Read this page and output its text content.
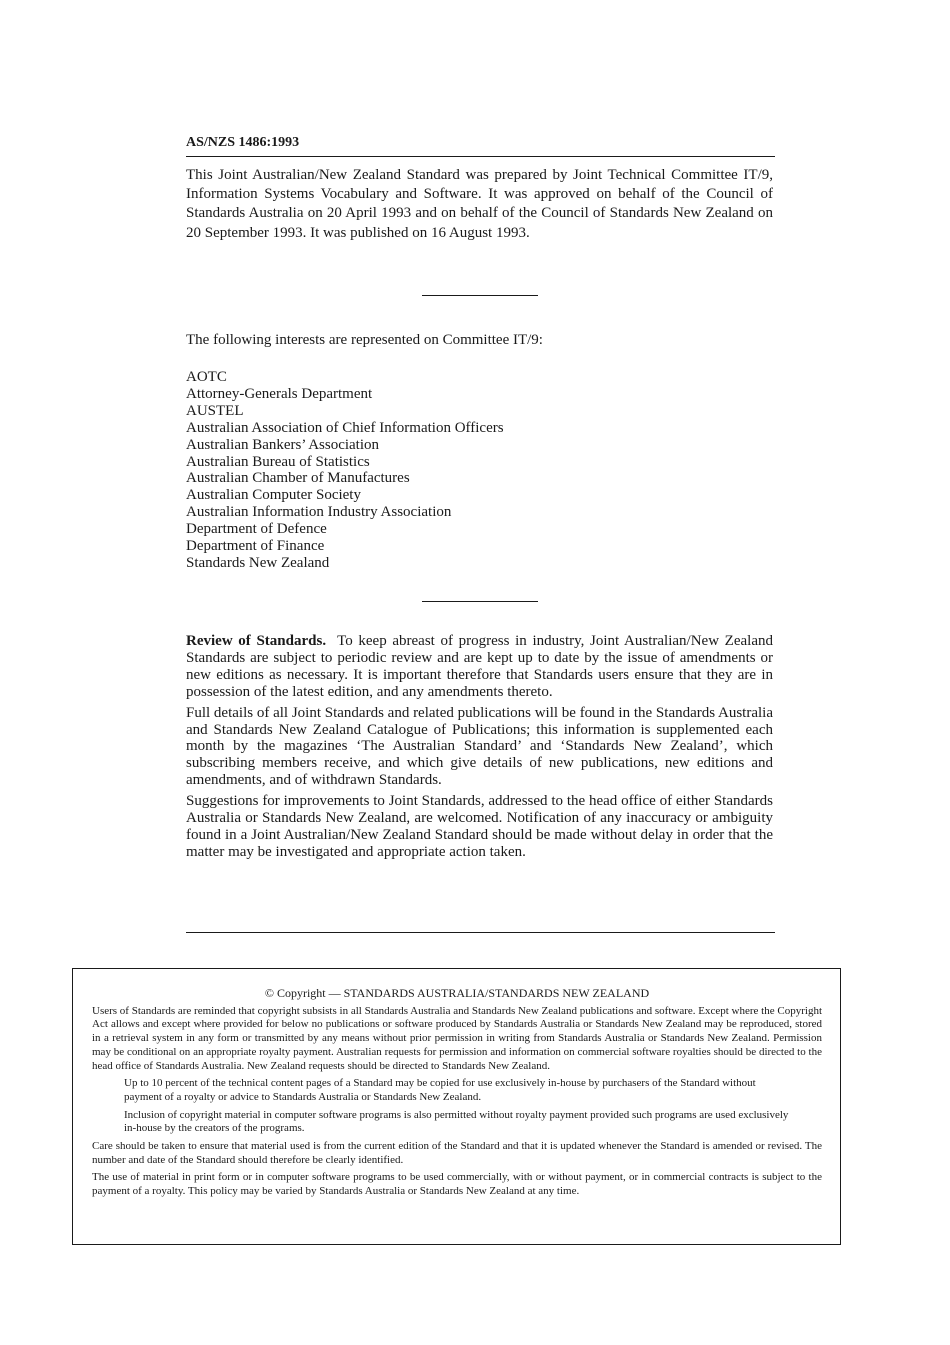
AS/NZS 1486:1993

This Joint Australian/New Zealand Standard was prepared by Joint Technical Committee IT/9, Information Systems Vocabulary and Software. It was approved on behalf of the Council of Standards Australia on 20 April 1993 and on behalf of the Council of Standards New Zealand on 20 September 1993. It was published on 16 August 1993.

The following interests are represented on Committee IT/9:

AOTC
Attorney-Generals Department
AUSTEL
Australian Association of Chief Information Officers
Australian Bankers’ Association
Australian Bureau of Statistics
Australian Chamber of Manufactures
Australian Computer Society
Australian Information Industry Association
Department of Defence
Department of Finance
Standards New Zealand

Review of Standards. To keep abreast of progress in industry, Joint Australian/New Zealand Standards are subject to periodic review and are kept up to date by the issue of amendments or new editions as necessary. It is important therefore that Standards users ensure that they are in possession of the latest edition, and any amendments thereto.

Full details of all Joint Standards and related publications will be found in the Standards Australia and Standards New Zealand Catalogue of Publications; this information is supplemented each month by the magazines ‘The Australian Standard’ and ‘Standards New Zealand’, which subscribing members receive, and which give details of new publications, new editions and amendments, and of withdrawn Standards.

Suggestions for improvements to Joint Standards, addressed to the head office of either Standards Australia or Standards New Zealand, are welcomed. Notification of any inaccuracy or ambiguity found in a Joint Australian/New Zealand Standard should be made without delay in order that the matter may be investigated and appropriate action taken.

© Copyright — STANDARDS AUSTRALIA/STANDARDS NEW ZEALAND

Users of Standards are reminded that copyright subsists in all Standards Australia and Standards New Zealand publications and software. Except where the Copyright Act allows and except where provided for below no publications or software produced by Standards Australia or Standards New Zealand may be reproduced, stored in a retrieval system in any form or transmitted by any means without prior permission in writing from Standards Australia or Standards New Zealand. Permission may be conditional on an appropriate royalty payment. Australian requests for permission and information on commercial software royalties should be directed to the head office of Standards Australia. New Zealand requests should be directed to Standards New Zealand.

Up to 10 percent of the technical content pages of a Standard may be copied for use exclusively in-house by purchasers of the Standard without payment of a royalty or advice to Standards Australia or Standards New Zealand.

Inclusion of copyright material in computer software programs is also permitted without royalty payment provided such programs are used exclusively in-house by the creators of the programs.

Care should be taken to ensure that material used is from the current edition of the Standard and that it is updated whenever the Standard is amended or revised. The number and date of the Standard should therefore be clearly identified.

The use of material in print form or in computer software programs to be used commercially, with or without payment, or in commercial contracts is subject to the payment of a royalty. This policy may be varied by Standards Australia or Standards New Zealand at any time.
